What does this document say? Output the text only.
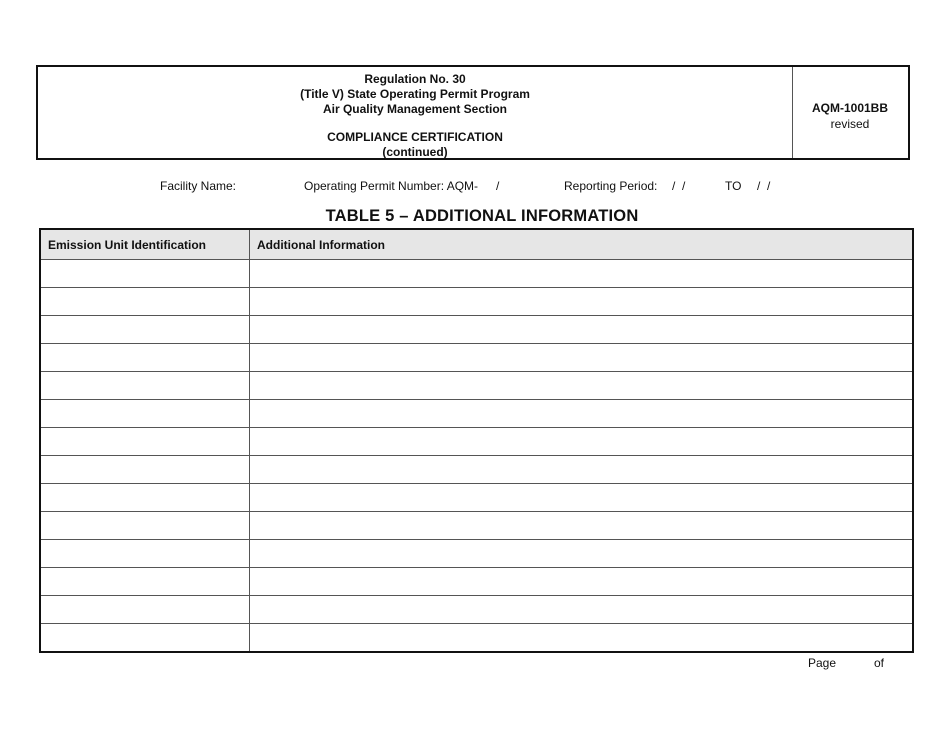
Regulation No. 30
(Title V) State Operating Permit Program
Air Quality Management Section
COMPLIANCE CERTIFICATION
(continued)
AQM-1001BB
revised
Facility Name:	Operating Permit Number: AQM- /	Reporting Period: /  /	TO /  /
TABLE 5 – ADDITIONAL INFORMATION
Emission Unit Identification	Additional Information

Page	of
